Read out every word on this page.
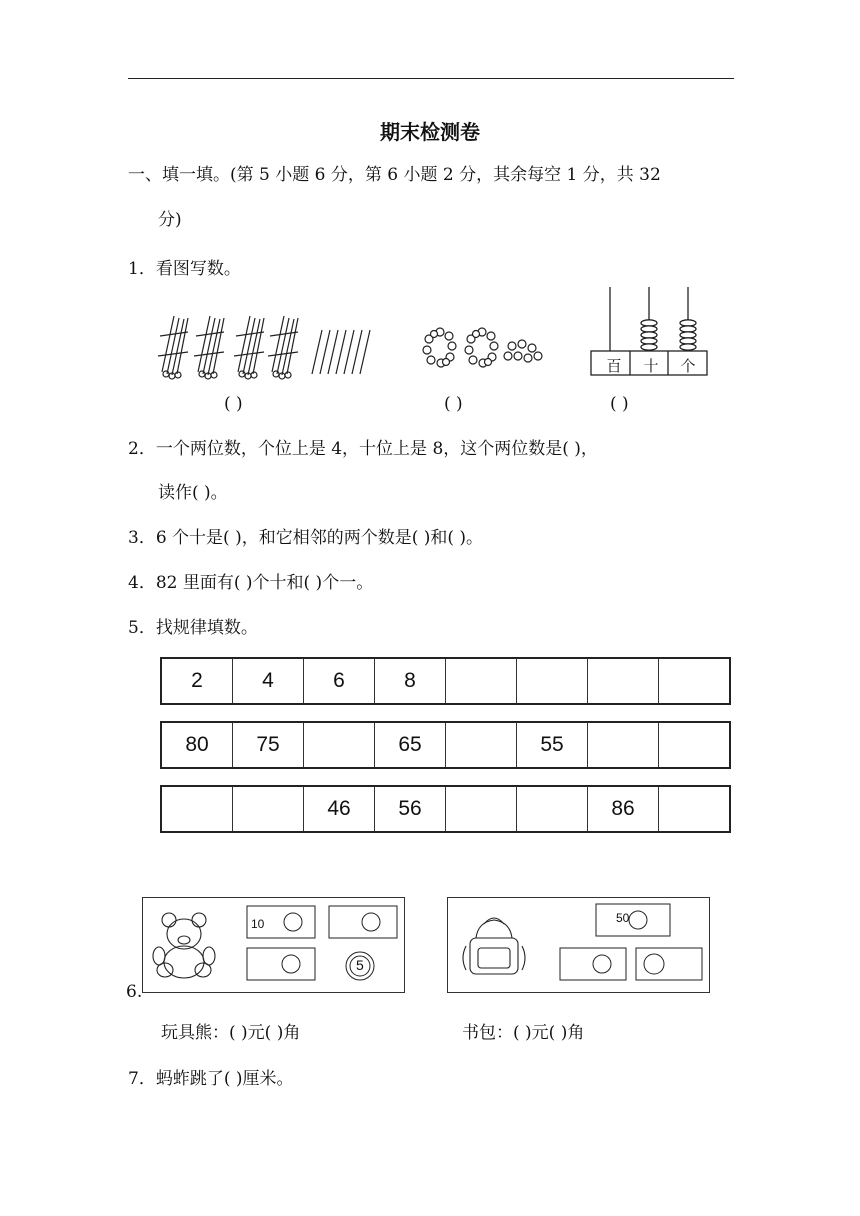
期末检测卷
一、填一填。(第 5 小题 6 分，第 6 小题 2 分，其余每空 1 分，共 32
分)
1．看图写数。
百	十	个
( )	( )	( )
2．一个两位数，个位上是 4，十位上是 8，这个两位数是( )，
读作( )。
3．6 个十是( )，和它相邻的两个数是( )和( )。
4．82 里面有( )个十和( )个一。
5．找规律填数。
2	4	6	8				
80	75		65		55		
		46	56			86	
6.
10
5
50
玩具熊：( )元( )角	书包：( )元( )角
7．蚂蚱跳了( )厘米。
